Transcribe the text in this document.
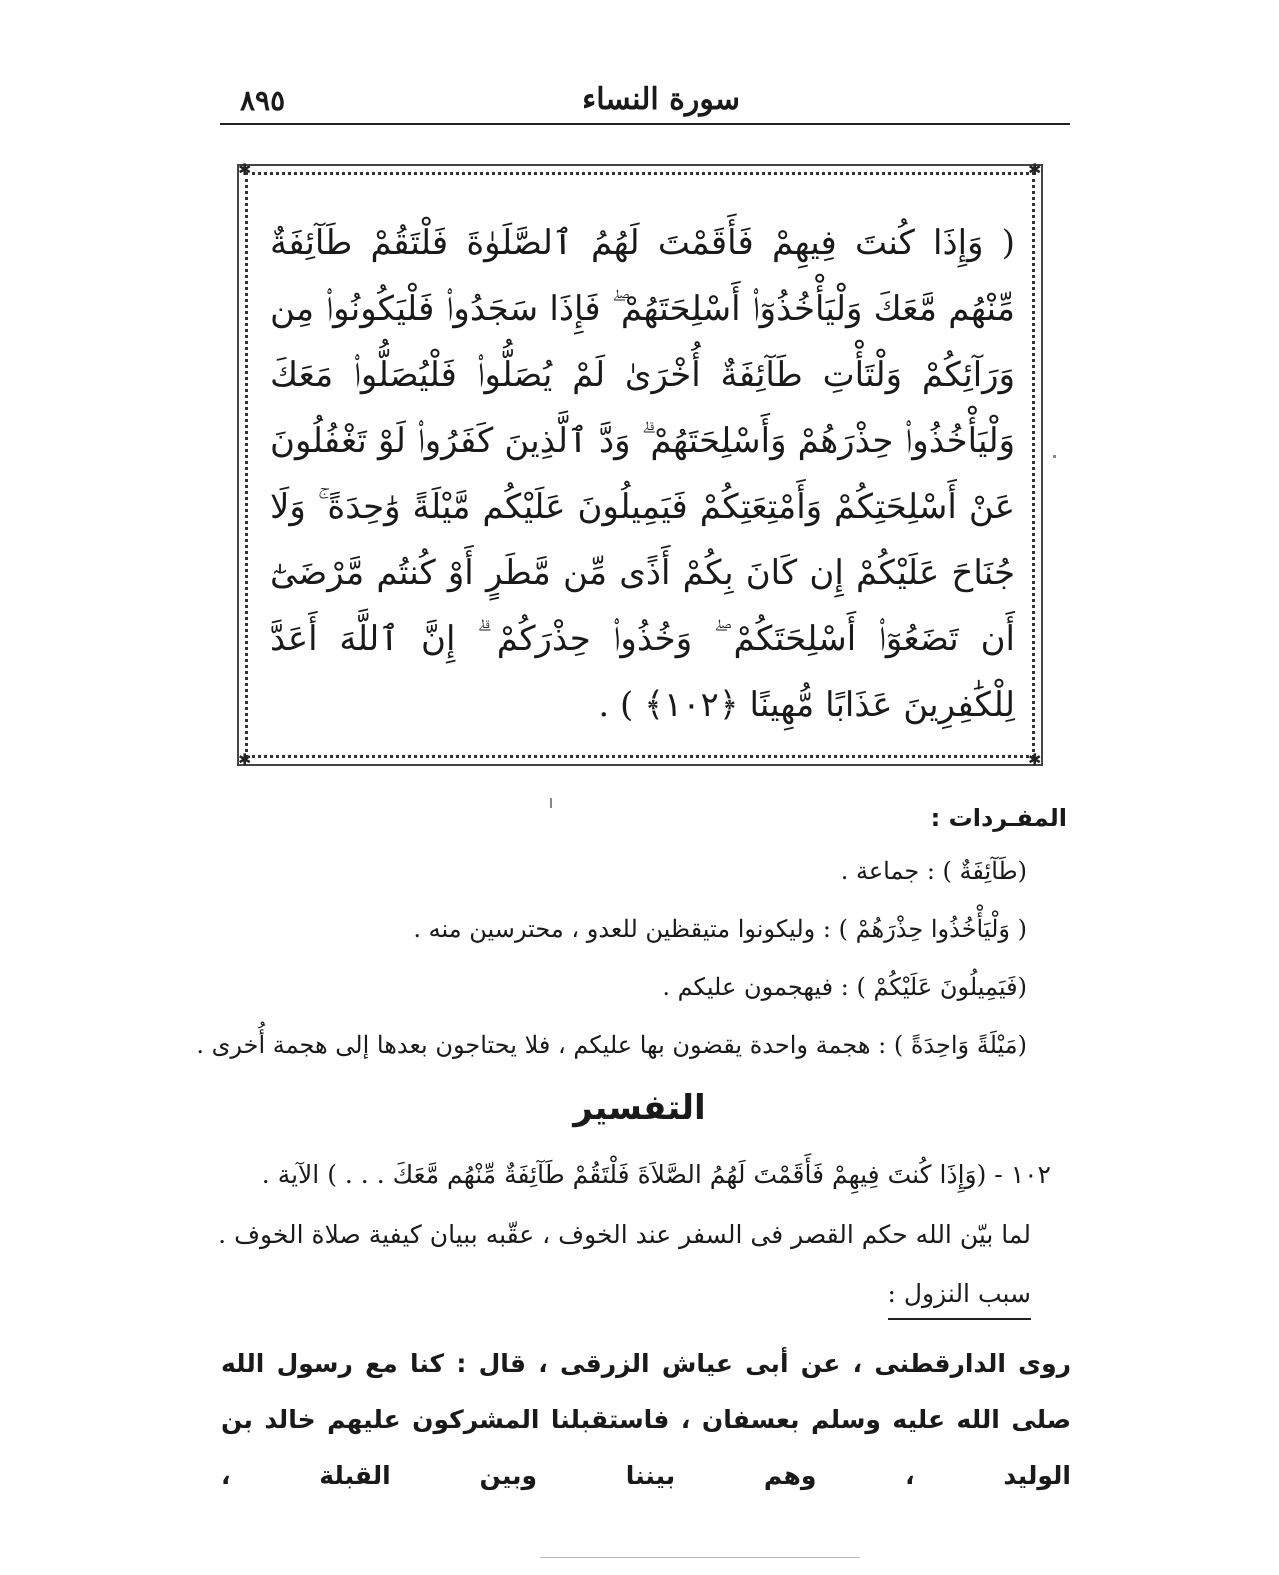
سورة النساء
٨٩٥
✱	✱
✱	✱
( وَإِذَا كُنتَ فِيهِمْ فَأَقَمْتَ لَهُمُ ٱلصَّلَوٰةَ فَلْتَقُمْ طَآئِفَةٌ مِّنْهُم مَّعَكَ وَلْيَأْخُذُوٓا۟ أَسْلِحَتَهُمْ ۖ فَإِذَا سَجَدُوا۟ فَلْيَكُونُوا۟ مِن وَرَآئِكُمْ وَلْتَأْتِ طَآئِفَةٌ أُخْرَىٰ لَمْ يُصَلُّوا۟ فَلْيُصَلُّوا۟ مَعَكَ وَلْيَأْخُذُوا۟ حِذْرَهُمْ وَأَسْلِحَتَهُمْ ۗ وَدَّ ٱلَّذِينَ كَفَرُوا۟ لَوْ تَغْفُلُونَ عَنْ أَسْلِحَتِكُمْ وَأَمْتِعَتِكُمْ فَيَمِيلُونَ عَلَيْكُم مَّيْلَةً وَٰحِدَةً ۚ وَلَا جُنَاحَ عَلَيْكُمْ إِن كَانَ بِكُمْ أَذًى مِّن مَّطَرٍ أَوْ كُنتُم مَّرْضَىٰٓ أَن تَضَعُوٓا۟ أَسْلِحَتَكُمْ ۖ وَخُذُوا۟ حِذْرَكُمْ ۗ إِنَّ ٱللَّهَ أَعَدَّ لِلْكَٰفِرِينَ عَذَابًا مُّهِينًا ﴿١٠٢﴾ ) .
المفـردات :
(طَآئِفَةٌ ) : جماعة .
( وَلْيَأْخُذُوا حِذْرَهُمْ ) : وليكونوا متيقظين للعدو ، محترسين منه .
(فَيَمِيلُونَ عَلَيْكُمْ ) : فيهجمون عليكم .
(مَيْلَةً وَاحِدَةً ) : هجمة واحدة يقضون بها عليكم ، فلا يحتاجون بعدها إلى هجمة أُخرى .
التفسير
١٠٢ - (وَإِذَا كُنتَ فِيهِمْ فَأَقَمْتَ لَهُمُ الصَّلاَةَ فَلْتَقُمْ طَآئِفَةٌ مِّنْهُم مَّعَكَ . . . ) الآية .
لما بيّن الله حكم القصر فى السفر عند الخوف ، عقّبه ببيان كيفية صلاة الخوف .
سبب النزول :
روى الدارقطنى ، عن أبى عياش الزرقى ، قال : كنا مع رسول الله صلى الله عليه وسلم بعسفان ، فاستقبلنا المشركون عليهم خالد بن الوليد ، وهم بيننا وبين القبلة ،
